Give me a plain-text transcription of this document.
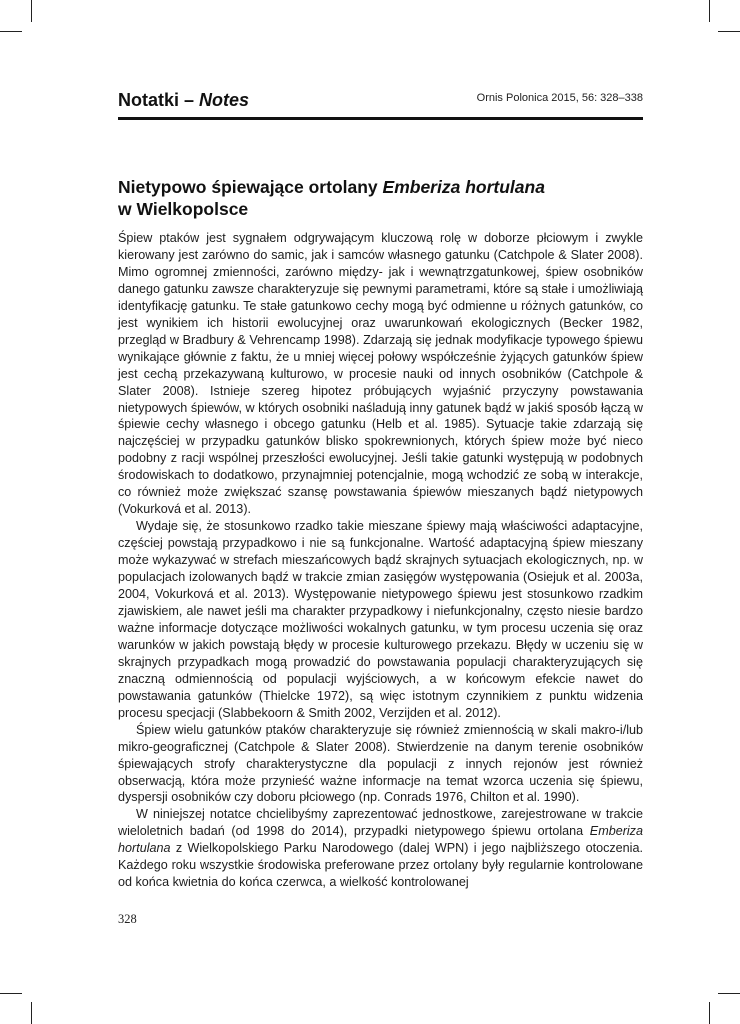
Notatki – Notes	Ornis Polonica 2015, 56: 328–338
Nietypowo śpiewające ortolany Emberiza hortulana
w Wielkopolsce

Śpiew ptaków jest sygnałem odgrywającym kluczową rolę w doborze płciowym i zwykle kierowany jest zarówno do samic, jak i samców własnego gatunku (Catchpole & Slater 2008). Mimo ogromnej zmienności, zarówno między- jak i wewnątrzgatunkowej, śpiew osobników danego gatunku zawsze charakteryzuje się pewnymi parametrami, które są stałe i umożliwiają identyfikację gatunku. Te stałe gatunkowo cechy mogą być odmienne u różnych gatunków, co jest wynikiem ich historii ewolucyjnej oraz uwarunkowań ekologicznych (Becker 1982, przegląd w Bradbury & Vehrencamp 1998). Zdarzają się jednak modyfikacje typowego śpiewu wynikające głównie z faktu, że u mniej więcej połowy współcześnie żyjących gatunków śpiew jest cechą przekazywaną kulturowo, w procesie nauki od innych osobników (Catchpole & Slater 2008). Istnieje szereg hipotez próbujących wyjaśnić przyczyny powstawania nietypowych śpiewów, w których osobniki naśladują inny gatunek bądź w jakiś sposób łączą w śpiewie cechy własnego i obcego gatunku (Helb et al. 1985). Sytuacje takie zdarzają się najczęściej w przypadku gatunków blisko spokrewnionych, których śpiew może być nieco podobny z racji wspólnej przeszłości ewolucyjnej. Jeśli takie gatunki występują w podobnych środowiskach to dodatkowo, przynajmniej potencjalnie, mogą wchodzić ze sobą w interakcje, co również może zwiększać szansę powstawania śpiewów mieszanych bądź nietypowych (Vokurková et al. 2013).

Wydaje się, że stosunkowo rzadko takie mieszane śpiewy mają właściwości adaptacyjne, częściej powstają przypadkowo i nie są funkcjonalne. Wartość adaptacyjną śpiew mieszany może wykazywać w strefach mieszańcowych bądź skrajnych sytuacjach ekologicznych, np. w populacjach izolowanych bądź w trakcie zmian zasięgów występowania (Osiejuk et al. 2003a, 2004, Vokurková et al. 2013). Występowanie nietypowego śpiewu jest stosunkowo rzadkim zjawiskiem, ale nawet jeśli ma charakter przypadkowy i niefunkcjonalny, często niesie bardzo ważne informacje dotyczące możliwości wokalnych gatunku, w tym procesu uczenia się oraz warunków w jakich powstają błędy w procesie kulturowego przekazu. Błędy w uczeniu się w skrajnych przypadkach mogą prowadzić do powstawania populacji charakteryzujących się znaczną odmiennością od populacji wyjściowych, a w końcowym efekcie nawet do powstawania gatunków (Thielcke 1972), są więc istotnym czynnikiem z punktu widzenia procesu specjacji (Slabbekoorn & Smith 2002, Verzijden et al. 2012).

Śpiew wielu gatunków ptaków charakteryzuje się również zmiennością w skali makro-i/lub mikro-geograficznej (Catchpole & Slater 2008). Stwierdzenie na danym terenie osobników śpiewających strofy charakterystyczne dla populacji z innych rejonów jest również obserwacją, która może przynieść ważne informacje na temat wzorca uczenia się śpiewu, dyspersji osobników czy doboru płciowego (np. Conrads 1976, Chilton et al. 1990).

W niniejszej notatce chcielibyśmy zaprezentować jednostkowe, zarejestrowane w trakcie wieloletnich badań (od 1998 do 2014), przypadki nietypowego śpiewu ortolana Emberiza hortulana z Wielkopolskiego Parku Narodowego (dalej WPN) i jego najbliższego otoczenia. Każdego roku wszystkie środowiska preferowane przez ortolany były regularnie kontrolowane od końca kwietnia do końca czerwca, a wielkość kontrolowanej

328
